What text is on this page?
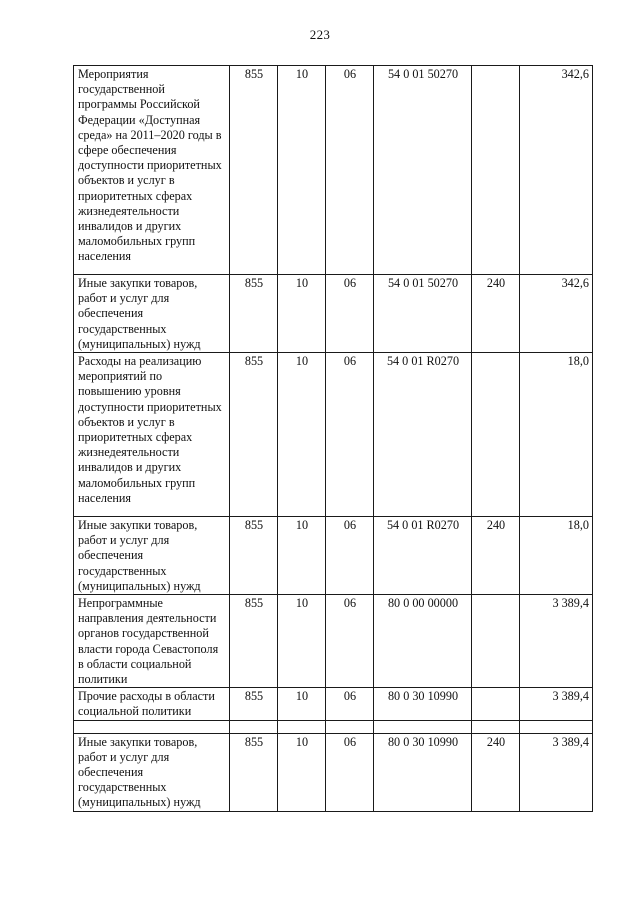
223
Мероприятия государственной программы Российской Федерации «Доступная среда» на 2011–2020 годы в сфере обеспечения доступности приоритетных объектов и услуг в приоритетных сферах жизнедеятельности инвалидов и других маломобильных групп населения	855	10	06	54 0 01 50270		342,6
Иные закупки товаров, работ и услуг для обеспечения государственных (муниципальных) нужд	855	10	06	54 0 01 50270	240	342,6
Расходы на реализацию мероприятий по повышению уровня доступности приоритетных объектов и услуг в приоритетных сферах жизнедеятельности инвалидов и других маломобильных групп населения	855	10	06	54 0 01 R0270		18,0
Иные закупки товаров, работ и услуг для обеспечения государственных (муниципальных) нужд	855	10	06	54 0 01 R0270	240	18,0
Непрограммные направления деятельности органов государственной власти города Севастополя в области социальной политики	855	10	06	80 0 00 00000		3 389,4
Прочие расходы в области социальной политики	855	10	06	80 0 30 10990		3 389,4

Иные закупки товаров, работ и услуг для обеспечения государственных (муниципальных) нужд	855	10	06	80 0 30 10990	240	3 389,4
